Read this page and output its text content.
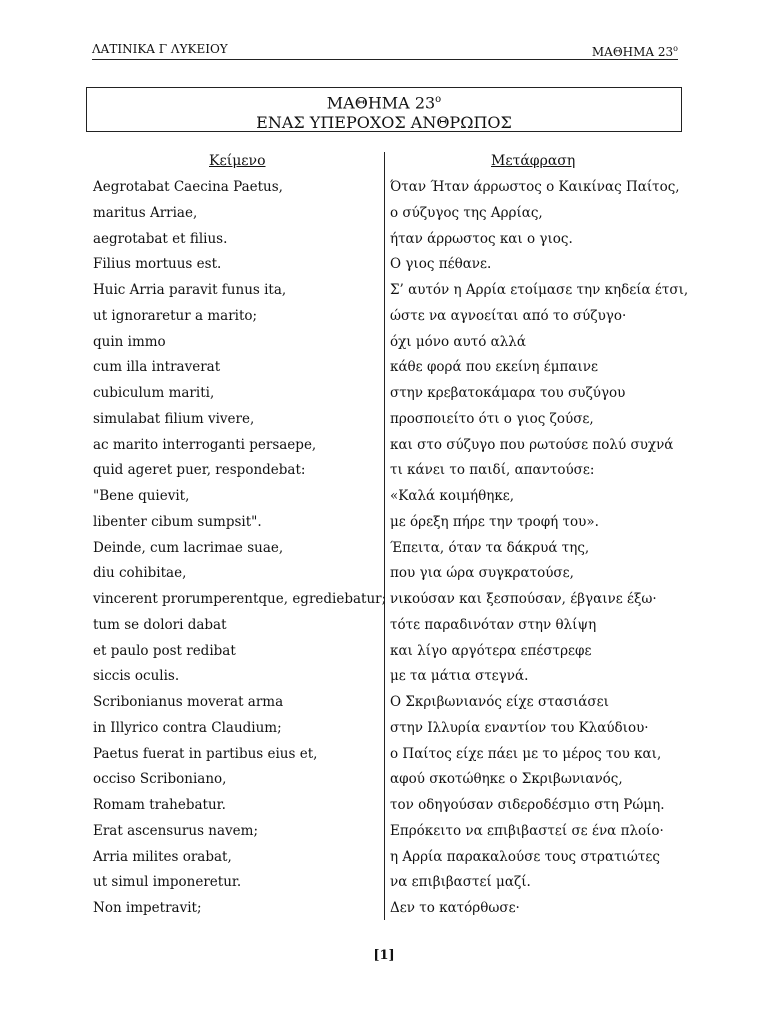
ΛΑΤΙΝΙΚΑ Γ ΛΥΚΕΙΟΥ	ΜΑΘΗΜΑ $23^o$
ΜΑΘΗΜΑ $23^o$
ΕΝΑΣ ΥΠΕΡΟΧΟΣ ΑΝΘΡΩΠΟΣ
Κείμενο	Μετάφραση
Aegrotabat Caecina Paetus,
maritus Arriae,
aegrotabat et filius.
Filius mortuus est.
Huic Arria paravit funus ita,
ut ignoraretur a marito;
quin immo
cum illa intraverat
cubiculum mariti,
simulabat filium vivere,
ac marito interroganti persaepe,
quid ageret puer, respondebat:
"Bene quievit,
libenter cibum sumpsit".
Deinde, cum lacrimae suae,
diu cohibitae,
vincerent prorumperentque, egrediebatur;
tum se dolori dabat
et paulo post redibat
siccis oculis.
Scribonianus moverat arma
in Illyrico contra Claudium;
Paetus fuerat in partibus eius et,
occiso Scriboniano,
Romam trahebatur.
Erat ascensurus navem;
Arria milites orabat,
ut simul imponeretur.
Non impetravit;
Όταν Ήταν άρρωστος ο Καικίνας Παίτος,
ο σύζυγος της Αρρίας,
ήταν άρρωστος και ο γιος.
Ο γιος πέθανε.
Σ’ αυτόν η Αρρία ετοίμασε την κηδεία έτσι,
ώστε να αγνοείται από το σύζυγο·
όχι μόνο αυτό αλλά
κάθε φορά που εκείνη έμπαινε
στην κρεβατοκάμαρα του συζύγου
προσποιείτο ότι ο γιος ζούσε,
και στο σύζυγο που ρωτούσε πολύ συχνά
τι κάνει το παιδί, απαντούσε:
«Καλά κοιμήθηκε,
με όρεξη πήρε την τροφή του».
Έπειτα, όταν τα δάκρυά της,
που για ώρα συγκρατούσε,
νικούσαν και ξεσπούσαν, έβγαινε έξω·
τότε παραδινόταν στην θλίψη
και λίγο αργότερα επέστρεφε
με τα μάτια στεγνά.
Ο Σκριβωνιανός είχε στασιάσει
στην Ιλλυρία εναντίον του Κλαύδιου·
ο Παίτος είχε πάει με το μέρος του και,
αφού σκοτώθηκε ο Σκριβωνιανός,
τον οδηγούσαν σιδεροδέσμιο στη Ρώμη.
Επρόκειτο να επιβιβαστεί σε ένα πλοίο·
η Αρρία παρακαλούσε τους στρατιώτες
να επιβιβαστεί μαζί.
Δεν το κατόρθωσε·
[1]
